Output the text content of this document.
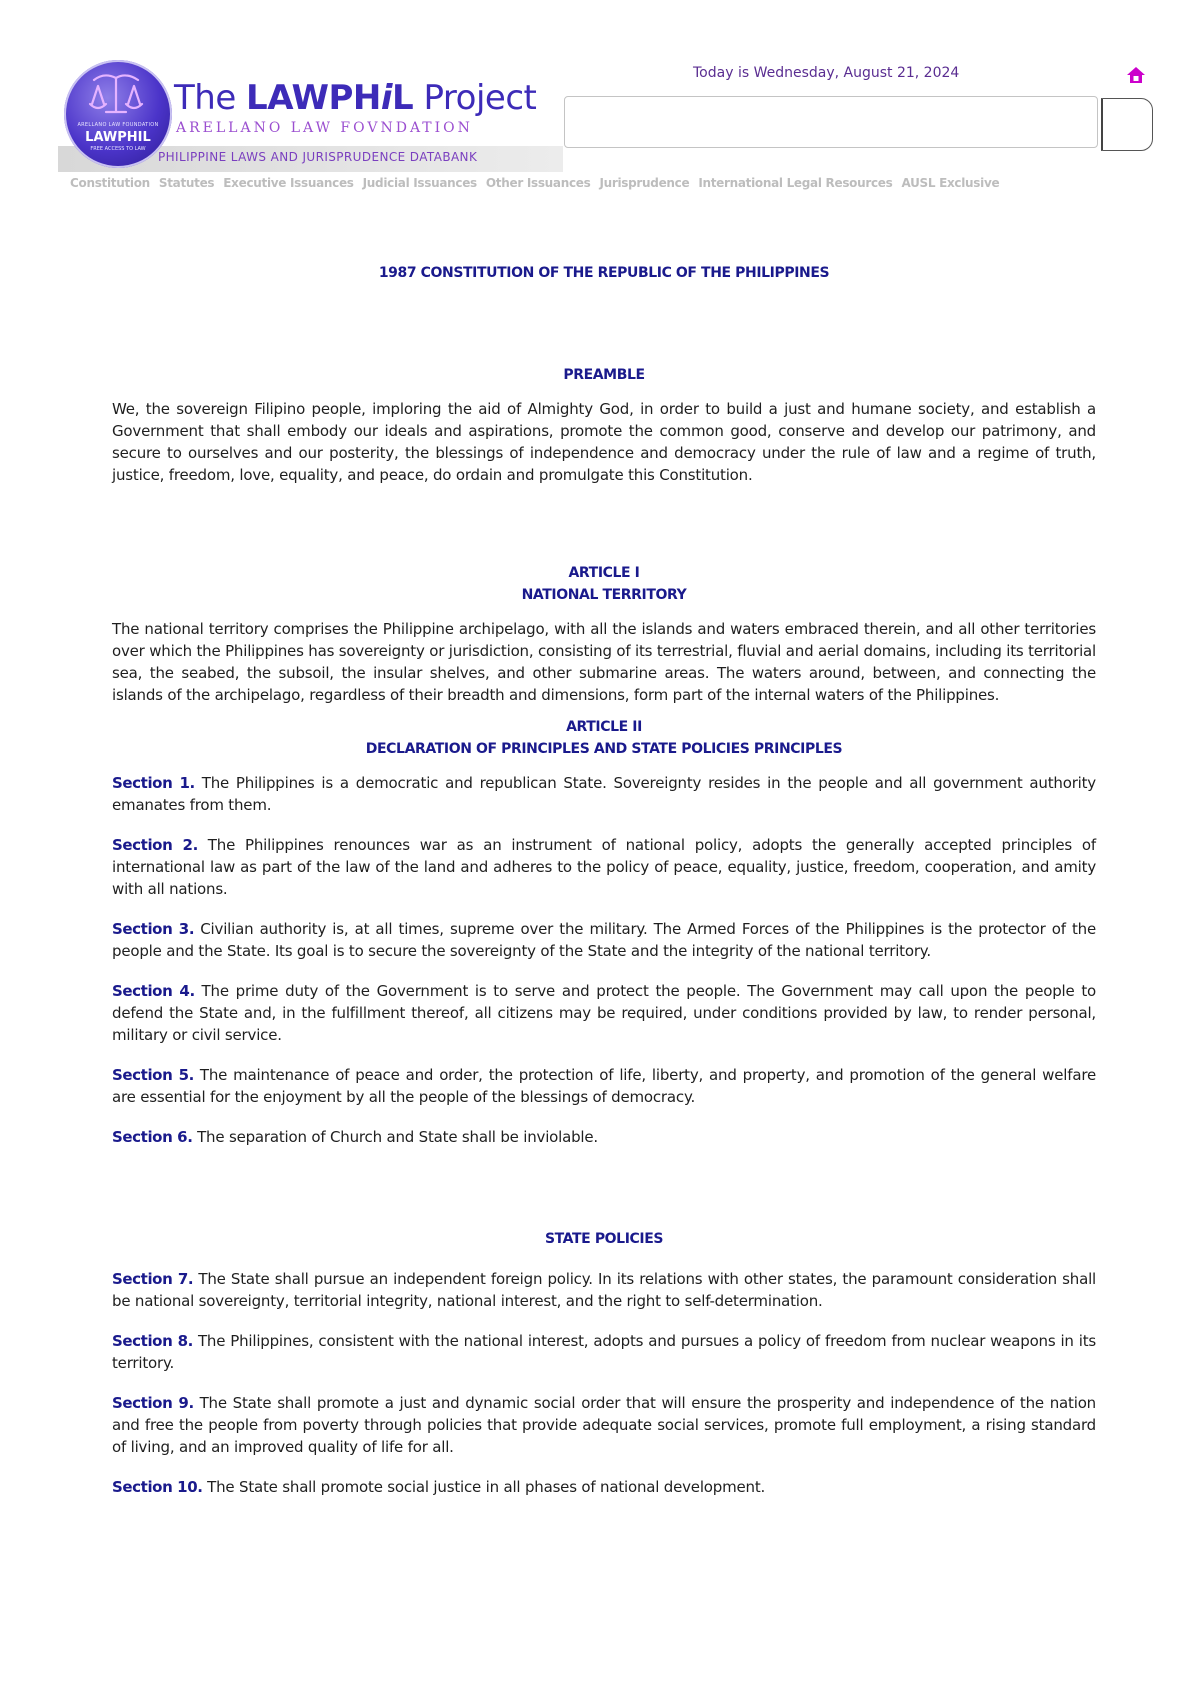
ARELLANO LAW FOUNDATION
LAWPHIL
FREE ACCESS TO LAW
The LAWPHiL Project
ARELLANO LAW FOVNDATION
PHILIPPINE LAWS AND JURISPRUDENCE DATABANK
Today is Wednesday, August 21, 2024
Constitution Statutes Executive Issuances Judicial Issuances Other Issuances Jurisprudence International Legal Resources AUSL Exclusive
1987 CONSTITUTION OF THE REPUBLIC OF THE PHILIPPINES
PREAMBLE

We, the sovereign Filipino people, imploring the aid of Almighty God, in order to build a just and humane society, and establish a Government that shall embody our ideals and aspirations, promote the common good, conserve and develop our patrimony, and secure to ourselves and our posterity, the blessings of independence and democracy under the rule of law and a regime of truth, justice, freedom, love, equality, and peace, do ordain and promulgate this Constitution.

ARTICLE I
NATIONAL TERRITORY

The national territory comprises the Philippine archipelago, with all the islands and waters embraced therein, and all other territories over which the Philippines has sovereignty or jurisdiction, consisting of its terrestrial, fluvial and aerial domains, including its territorial sea, the seabed, the subsoil, the insular shelves, and other submarine areas. The waters around, between, and connecting the islands of the archipelago, regardless of their breadth and dimensions, form part of the internal waters of the Philippines.

ARTICLE II
DECLARATION OF PRINCIPLES AND STATE POLICIES PRINCIPLES

Section 1. The Philippines is a democratic and republican State. Sovereignty resides in the people and all government authority emanates from them.

Section 2. The Philippines renounces war as an instrument of national policy, adopts the generally accepted principles of international law as part of the law of the land and adheres to the policy of peace, equality, justice, freedom, cooperation, and amity with all nations.

Section 3. Civilian authority is, at all times, supreme over the military. The Armed Forces of the Philippines is the protector of the people and the State. Its goal is to secure the sovereignty of the State and the integrity of the national territory.

Section 4. The prime duty of the Government is to serve and protect the people. The Government may call upon the people to defend the State and, in the fulfillment thereof, all citizens may be required, under conditions provided by law, to render personal, military or civil service.

Section 5. The maintenance of peace and order, the protection of life, liberty, and property, and promotion of the general welfare are essential for the enjoyment by all the people of the blessings of democracy.

Section 6. The separation of Church and State shall be inviolable.

STATE POLICIES

Section 7. The State shall pursue an independent foreign policy. In its relations with other states, the paramount consideration shall be national sovereignty, territorial integrity, national interest, and the right to self-determination.

Section 8. The Philippines, consistent with the national interest, adopts and pursues a policy of freedom from nuclear weapons in its territory.

Section 9. The State shall promote a just and dynamic social order that will ensure the prosperity and independence of the nation and free the people from poverty through policies that provide adequate social services, promote full employment, a rising standard of living, and an improved quality of life for all.

Section 10. The State shall promote social justice in all phases of national development.
